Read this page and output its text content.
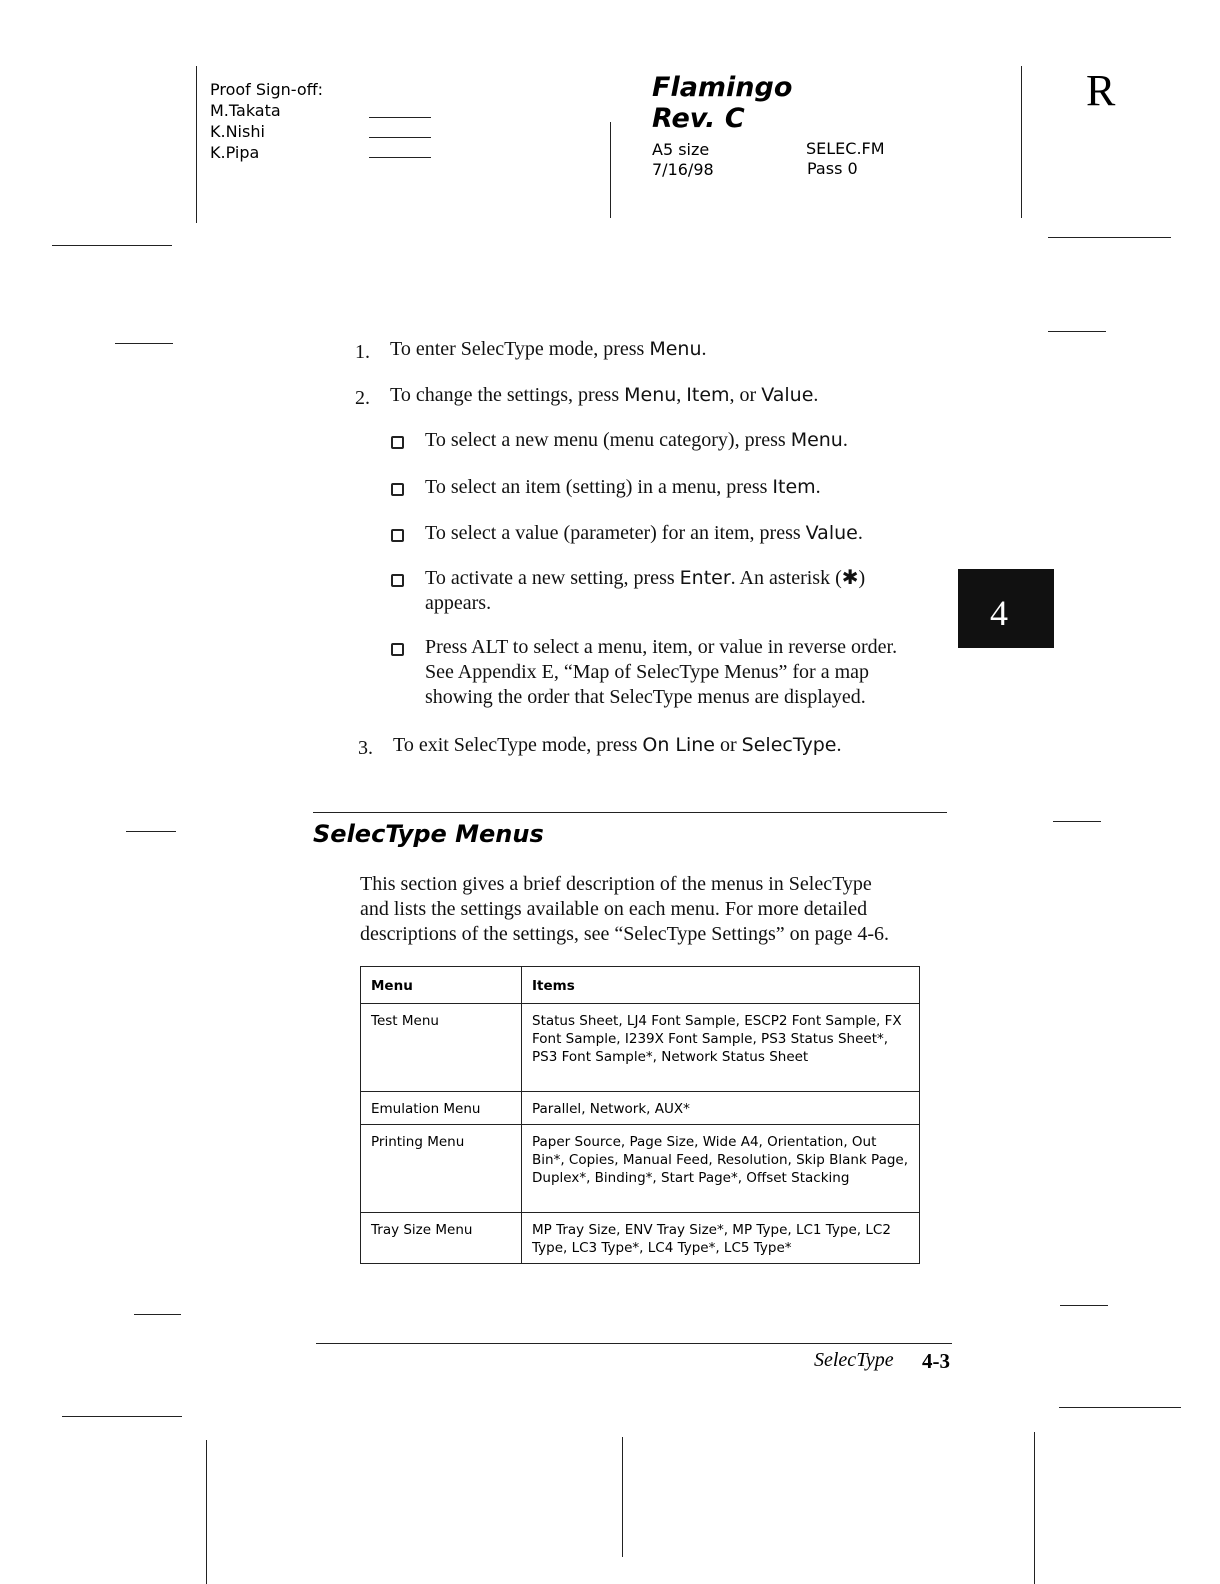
Proof Sign-off:
M.Takata
K.Nishi
K.Pipa
Flamingo
Rev. C
A5 size
7/16/98
SELEC.FM
Pass 0
R
4
1. To enter SelecType mode, press Menu.
2. To change the settings, press Menu, Item, or Value.
To select a new menu (menu category), press Menu.
To select an item (setting) in a menu, press Item.
To select a value (parameter) for an item, press Value.
To activate a new setting, press Enter. An asterisk (✱)
appears.
Press ALT to select a menu, item, or value in reverse order.
See Appendix E, “Map of SelecType Menus” for a map
showing the order that SelecType menus are displayed.
3. To exit SelecType mode, press On Line or SelecType.
SelecType Menus
This section gives a brief description of the menus in SelecType
and lists the settings available on each menu. For more detailed
descriptions of the settings, see “SelecType Settings” on page 4-6.
Menu	Items
Test Menu	Status Sheet, LJ4 Font Sample, ESCP2 Font Sample, FX Font Sample, I239X Font Sample, PS3 Status Sheet*, PS3 Font Sample*, Network Status Sheet
Emulation Menu	Parallel, Network, AUX*
Printing Menu	Paper Source, Page Size, Wide A4, Orientation, Out Bin*, Copies, Manual Feed, Resolution, Skip Blank Page, Duplex*, Binding*, Start Page*, Offset Stacking
Tray Size Menu	MP Tray Size, ENV Tray Size*, MP Type, LC1 Type, LC2 Type, LC3 Type*, LC4 Type*, LC5 Type*
SelecType 4-3
